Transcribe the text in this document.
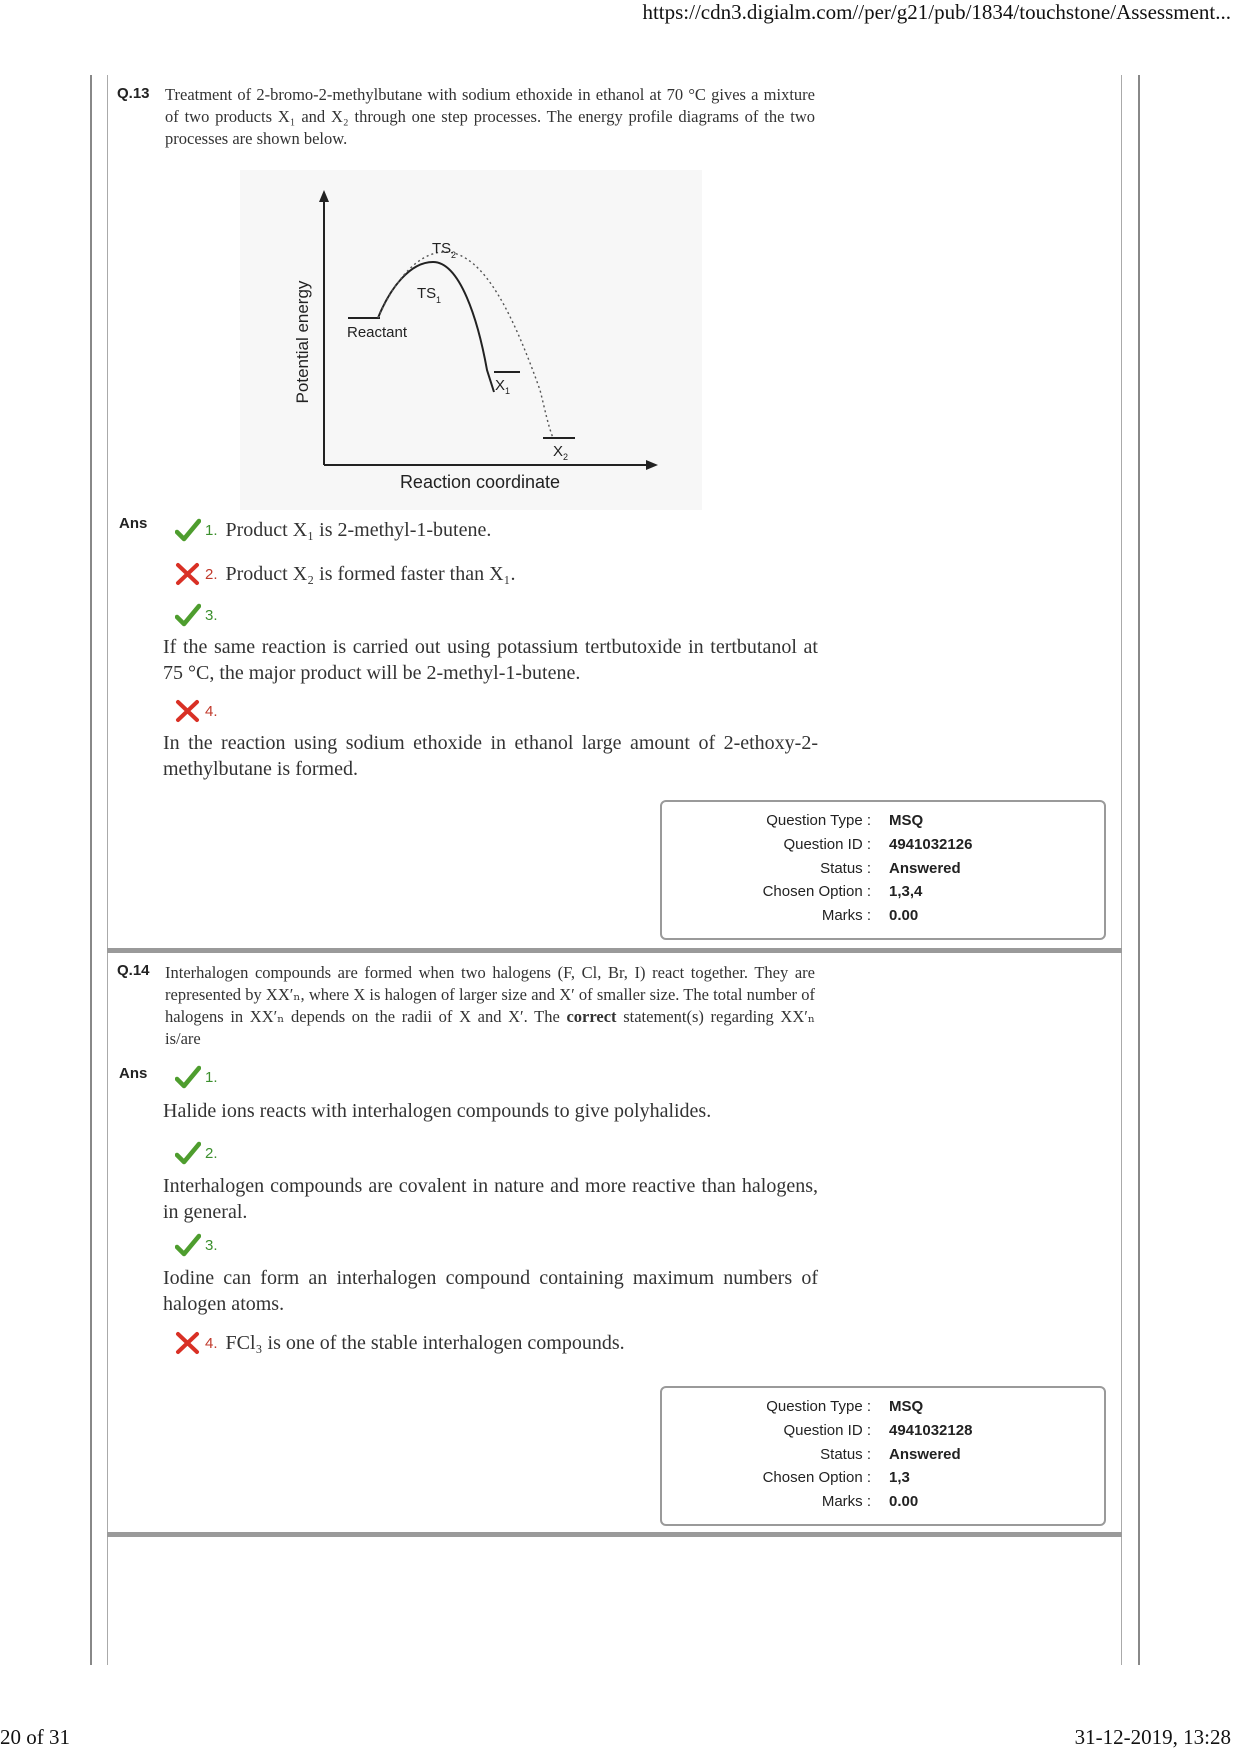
https://cdn3.digialm.com//per/g21/pub/1834/touchstone/Assessment...
20 of 31	31-12-2019, 13:28
Q.13 Treatment of 2-bromo-2-methylbutane with sodium ethoxide in ethanol at 70 °C gives a mixture of two products X₁ and X₂ through one step processes. The energy profile diagrams of the two processes are shown below.
Potential energy
Reaction coordinate
Reactant
TS 2
TS 1
X 1
X 2
Ans	1. Product X₁ is 2-methyl-1-butene.
2. Product X₂ is formed faster than X₁.
3.
If the same reaction is carried out using potassium tertbutoxide in tertbutanol at 75 °C, the major product will be 2-methyl-1-butene.
4.
In the reaction using sodium ethoxide in ethanol large amount of 2-ethoxy-2-methylbutane is formed.
Question Type : MSQ
Question ID : 4941032126
Status : Answered
Chosen Option : 1,3,4
Marks : 0.00
Q.14 Interhalogen compounds are formed when two halogens (F, Cl, Br, I) react together. They are represented by XX′ₙ, where X is halogen of larger size and X′ of smaller size. The total number of halogens in XX′ₙ depends on the radii of X and X′. The correct statement(s) regarding XX′ₙ is/are
Ans	1.
Halide ions reacts with interhalogen compounds to give polyhalides.
2.
Interhalogen compounds are covalent in nature and more reactive than halogens, in general.
3.
Iodine can form an interhalogen compound containing maximum numbers of halogen atoms.
4. FCl₃ is one of the stable interhalogen compounds.
Question Type : MSQ
Question ID : 4941032128
Status : Answered
Chosen Option : 1,3
Marks : 0.00
